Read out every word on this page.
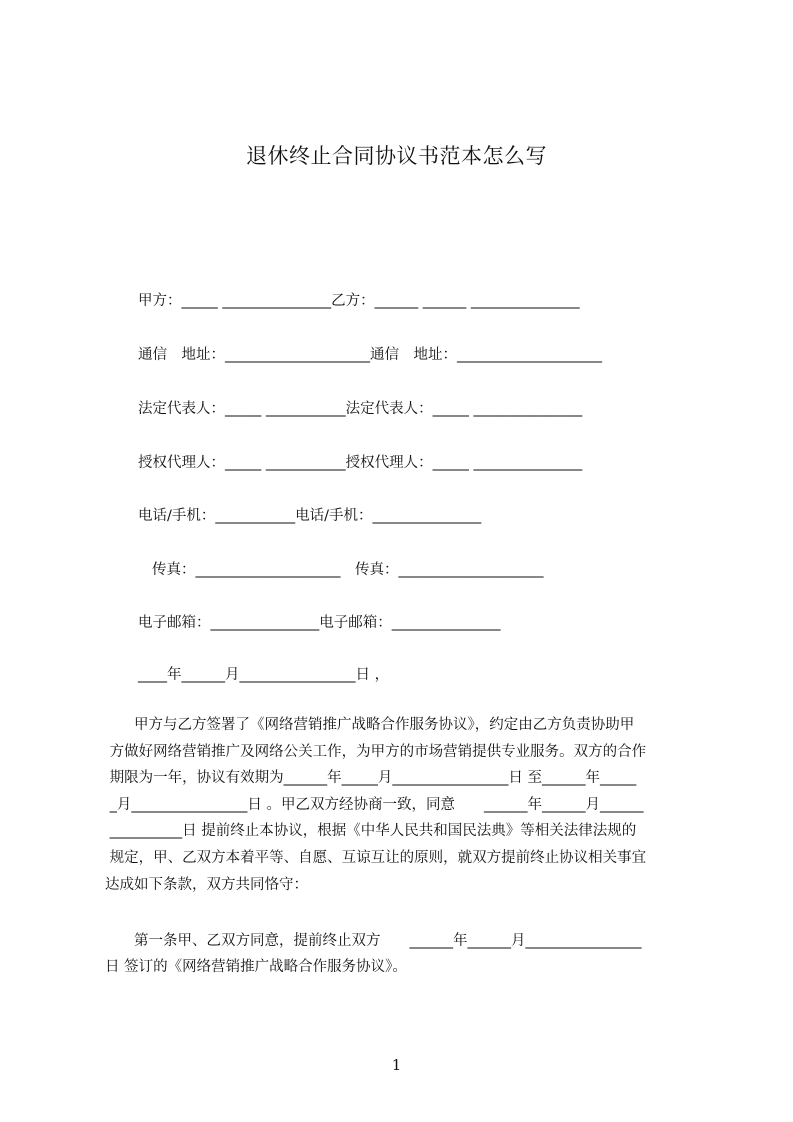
退休终止合同协议书范本怎么写
甲方：_____ _______________乙方：______ ______ _______________
通信　地址：____________________通信　地址：____________________
法定代表人：_____ ___________法定代表人：_____ _______________
授权代理人：_____ ___________授权代理人：_____ _______________
电话/手机：___________电话/手机：_______________
传真：____________________　传真：____________________
电子邮箱：_______________电子邮箱：_______________
____年______月________________日 ，
　　甲方与乙方签署了《网络营销推广战略合作服务协议》，约定由乙方负责协助甲
方做好网络营销推广及网络公关工作，为甲方的市场营销提供专业服务。双方的合作
期限为一年，协议有效期为______年_____月________________日 至______年_____
_月________________日 。甲乙双方经协商一致，同意　　______年______月______
__________日 提前终止本协议，根据《中华人民共和国民法典》等相关法律法规的
规定，甲、乙双方本着平等、自愿、互谅互让的原则，就双方提前终止协议相关事宜
达成如下条款，双方共同恪守：
　　第一条甲、乙双方同意，提前终止双方　　______年______月________________
日 签订的《网络营销推广战略合作服务协议》。
1
